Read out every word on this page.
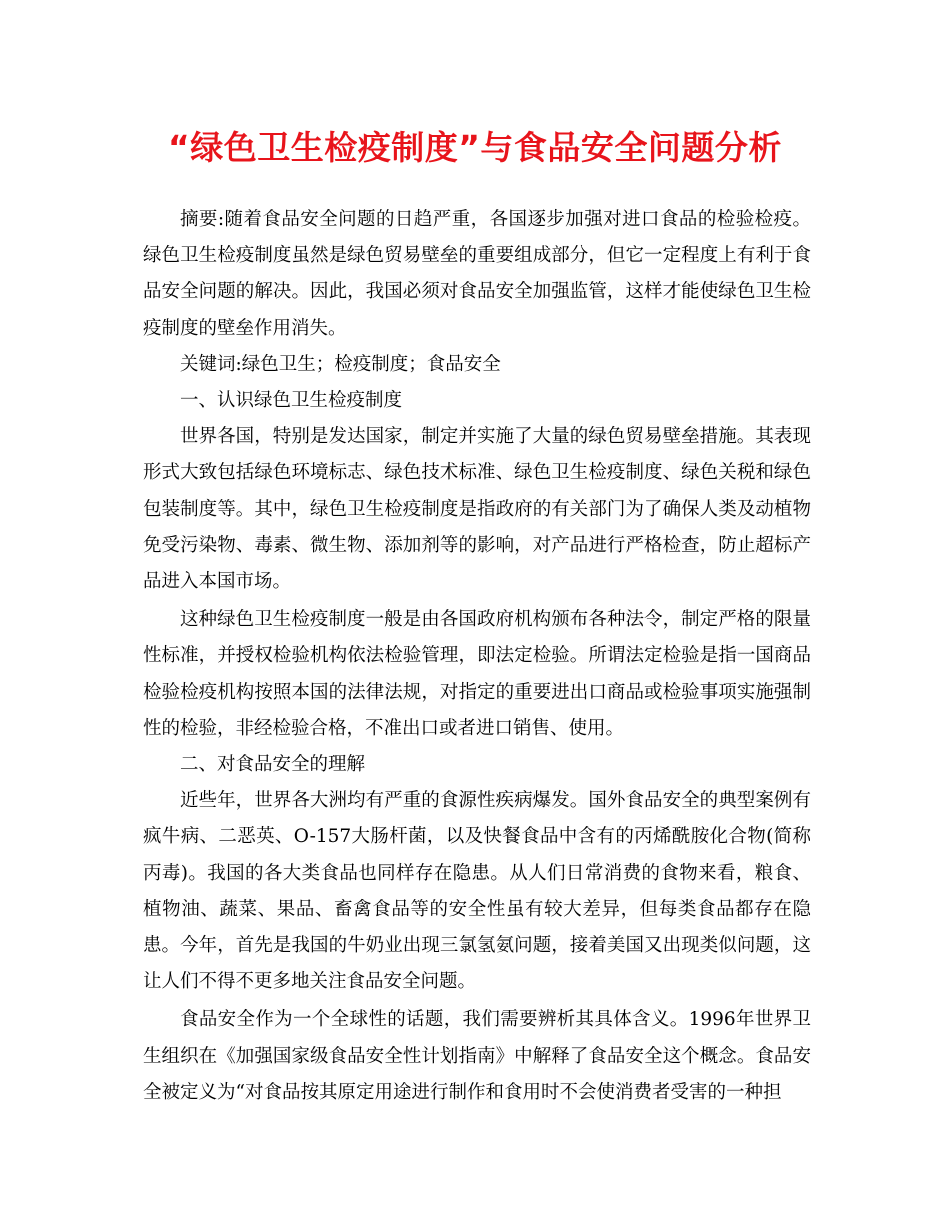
“绿色卫生检疫制度”与食品安全问题分析

摘要:随着食品安全问题的日趋严重，各国逐步加强对进口食品的检验检疫。绿色卫生检疫制度虽然是绿色贸易壁垒的重要组成部分，但它一定程度上有利于食品安全问题的解决。因此，我国必须对食品安全加强监管，这样才能使绿色卫生检疫制度的壁垒作用消失。

关键词:绿色卫生；检疫制度；食品安全

一、认识绿色卫生检疫制度

世界各国，特别是发达国家，制定并实施了大量的绿色贸易壁垒措施。其表现形式大致包括绿色环境标志、绿色技术标准、绿色卫生检疫制度、绿色关税和绿色包装制度等。其中，绿色卫生检疫制度是指政府的有关部门为了确保人类及动植物免受污染物、毒素、微生物、添加剂等的影响，对产品进行严格检查，防止超标产品进入本国市场。

这种绿色卫生检疫制度一般是由各国政府机构颁布各种法令，制定严格的限量性标准，并授权检验机构依法检验管理，即法定检验。所谓法定检验是指一国商品检验检疫机构按照本国的法律法规，对指定的重要进出口商品或检验事项实施强制性的检验，非经检验合格，不准出口或者进口销售、使用。

二、对食品安全的理解

近些年，世界各大洲均有严重的食源性疾病爆发。国外食品安全的典型案例有疯牛病、二恶英、O-157大肠杆菌，以及快餐食品中含有的丙烯酰胺化合物(简称丙毒)。我国的各大类食品也同样存在隐患。从人们日常消费的食物来看，粮食、植物油、蔬菜、果品、畜禽食品等的安全性虽有较大差异，但每类食品都存在隐患。今年，首先是我国的牛奶业出现三氯氢氨问题，接着美国又出现类似问题，这让人们不得不更多地关注食品安全问题。

食品安全作为一个全球性的话题，我们需要辨析其具体含义。1996年世界卫生组织在《加强国家级食品安全性计划指南》中解释了食品安全这个概念。食品安全被定义为“对食品按其原定用途进行制作和食用时不会使消费者受害的一种担
